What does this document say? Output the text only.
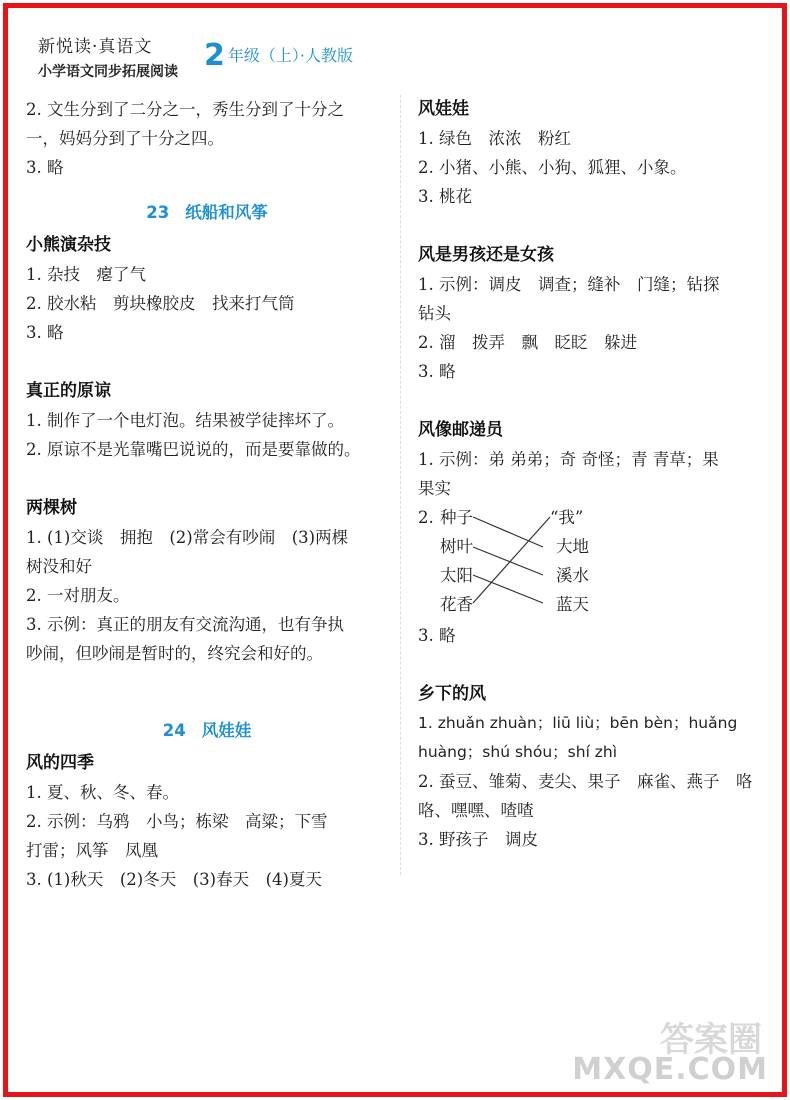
新悦读·真语文
小学语文同步拓展阅读 2 年级（上）·人教版
2. 文生分到了二分之一，秀生分到了十分之
一，妈妈分到了十分之四。
3. 略
23 纸船和风筝
小熊演杂技
1. 杂技　瘪了气
2. 胶水粘　剪块橡胶皮　找来打气筒
3. 略
真正的原谅
1. 制作了一个电灯泡。结果被学徒摔坏了。
2. 原谅不是光靠嘴巴说说的，而是要靠做的。
两棵树
1. (1)交谈　拥抱　(2)常会有吵闹　(3)两棵
树没和好
2. 一对朋友。
3. 示例：真正的朋友有交流沟通，也有争执
吵闹，但吵闹是暂时的，终究会和好的。
24 风娃娃
风的四季
1. 夏、秋、冬、春。
2. 示例：乌鸦　小鸟；栋梁　高粱；下雪
打雷；风筝　凤凰
3. (1)秋天　(2)冬天　(3)春天　(4)夏天
风娃娃
1. 绿色　浓浓　粉红
2. 小猪、小熊、小狗、狐狸、小象。
3. 桃花
风是男孩还是女孩
1. 示例：调皮　调查；缝补　门缝；钻探
钻头
2. 溜　拨弄　飘　眨眨　躲进
3. 略
风像邮递员
1. 示例：弟 弟弟；奇 奇怪；青 青草；果
果实
2. 种子
树叶
太阳
花香
“我”
大地
溪水
蓝天
3. 略
乡下的风
1. zhuǎn zhuàn；liū liù；bēn bèn；huǎng
huàng；shú shóu；shí zhì
2. 蚕豆、雏菊、麦尖、果子　麻雀、燕子　咯
咯、嘿嘿、喳喳
3. 野孩子　调皮
答案圈
MXQE.COM
